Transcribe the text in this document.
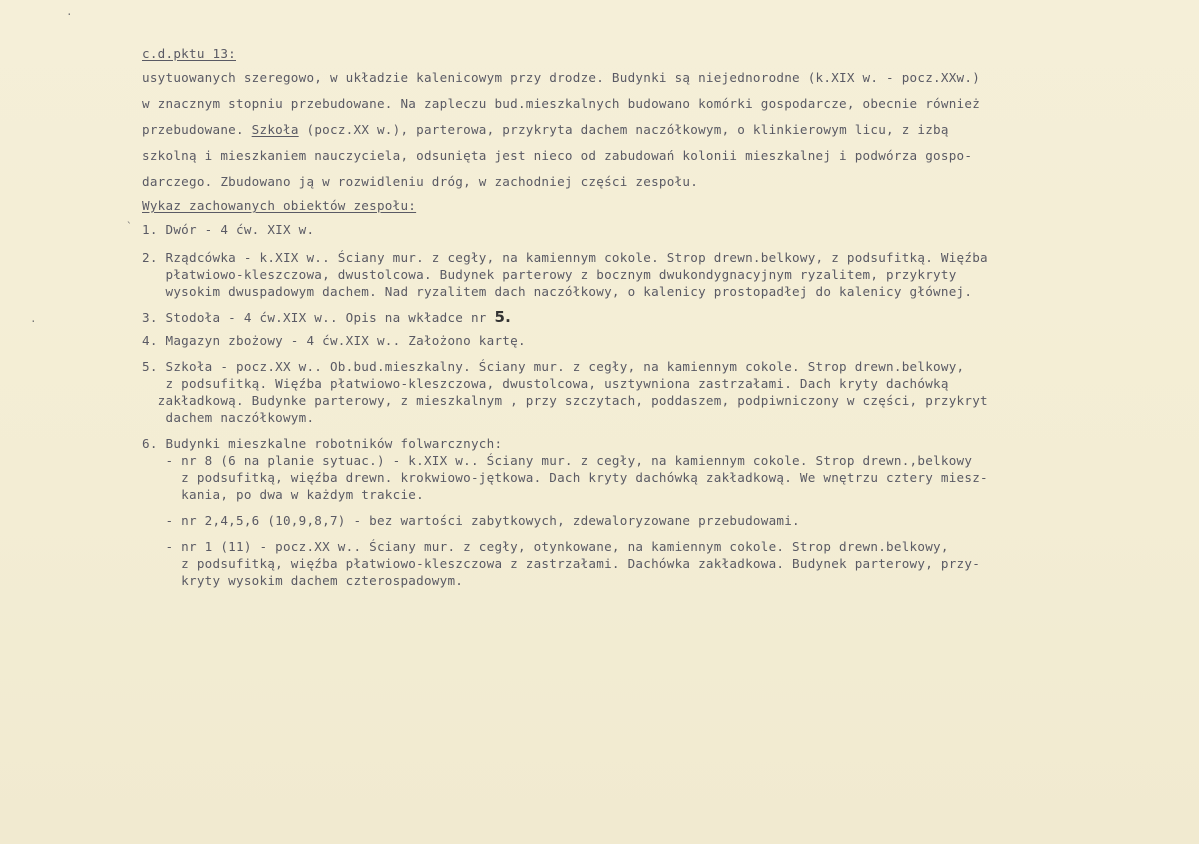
c.d.pktu 13:

usytuowanych szeregowo, w układzie kalenicowym przy drodze. Budynki są niejednorodne (k.XIX w. - pocz.XXw.)

w znacznym stopniu przebudowane. Na zapleczu bud.mieszkalnych budowano komórki gospodarcze, obecnie również

przebudowane. Szkoła (pocz.XX w.), parterowa, przykryta dachem naczółkowym, o klinkierowym licu, z izbą

szkolną i mieszkaniem nauczyciela, odsunięta jest nieco od zabudowań kolonii mieszkalnej i podwórza gospo-

darczego. Zbudowano ją w rozwidleniu dróg, w zachodniej części zespołu.

Wykaz zachowanych obiektów zespołu:

1. Dwór - 4 ćw. XIX w.

2. Rządcówka - k.XIX w.. Ściany mur. z cegły, na kamiennym cokole. Strop drewn.belkowy, z podsufitką. Więźba

płatwiowo-kleszczowa, dwustolcowa. Budynek parterowy z bocznym dwukondygnacyjnym ryzalitem, przykryty

wysokim dwuspadowym dachem. Nad ryzalitem dach naczółkowy, o kalenicy prostopadłej do kalenicy głównej.

3. Stodoła - 4 ćw.XIX w.. Opis na wkładce nr 5.

4. Magazyn zbożowy - 4 ćw.XIX w.. Założono kartę.

5. Szkoła - pocz.XX w.. Ob.bud.mieszkalny. Ściany mur. z cegły, na kamiennym cokole. Strop drewn.belkowy,

z podsufitką. Więźba płatwiowo-kleszczowa, dwustolcowa, usztywniona zastrzałami. Dach kryty dachówką

zakładkową. Budynke parterowy, z mieszkalnym , przy szczytach, poddaszem, podpiwniczony w części, przykryt

dachem naczółkowym.

6. Budynki mieszkalne robotników folwarcznych:

- nr 8 (6 na planie sytuac.) - k.XIX w.. Ściany mur. z cegły, na kamiennym cokole. Strop drewn.,belkowy

z podsufitką, więźba drewn. krokwiowo-jętkowa. Dach kryty dachówką zakładkową. We wnętrzu cztery miesz-

kania, po dwa w każdym trakcie.

- nr 2,4,5,6 (10,9,8,7) - bez wartości zabytkowych, zdewaloryzowane przebudowami.

- nr 1 (11) - pocz.XX w.. Ściany mur. z cegły, otynkowane, na kamiennym cokole. Strop drewn.belkowy,

z podsufitką, więźba płatwiowo-kleszczowa z zastrzałami. Dachówka zakładkowa. Budynek parterowy, przy-

kryty wysokim dachem czterospadowym.

`
·
·
